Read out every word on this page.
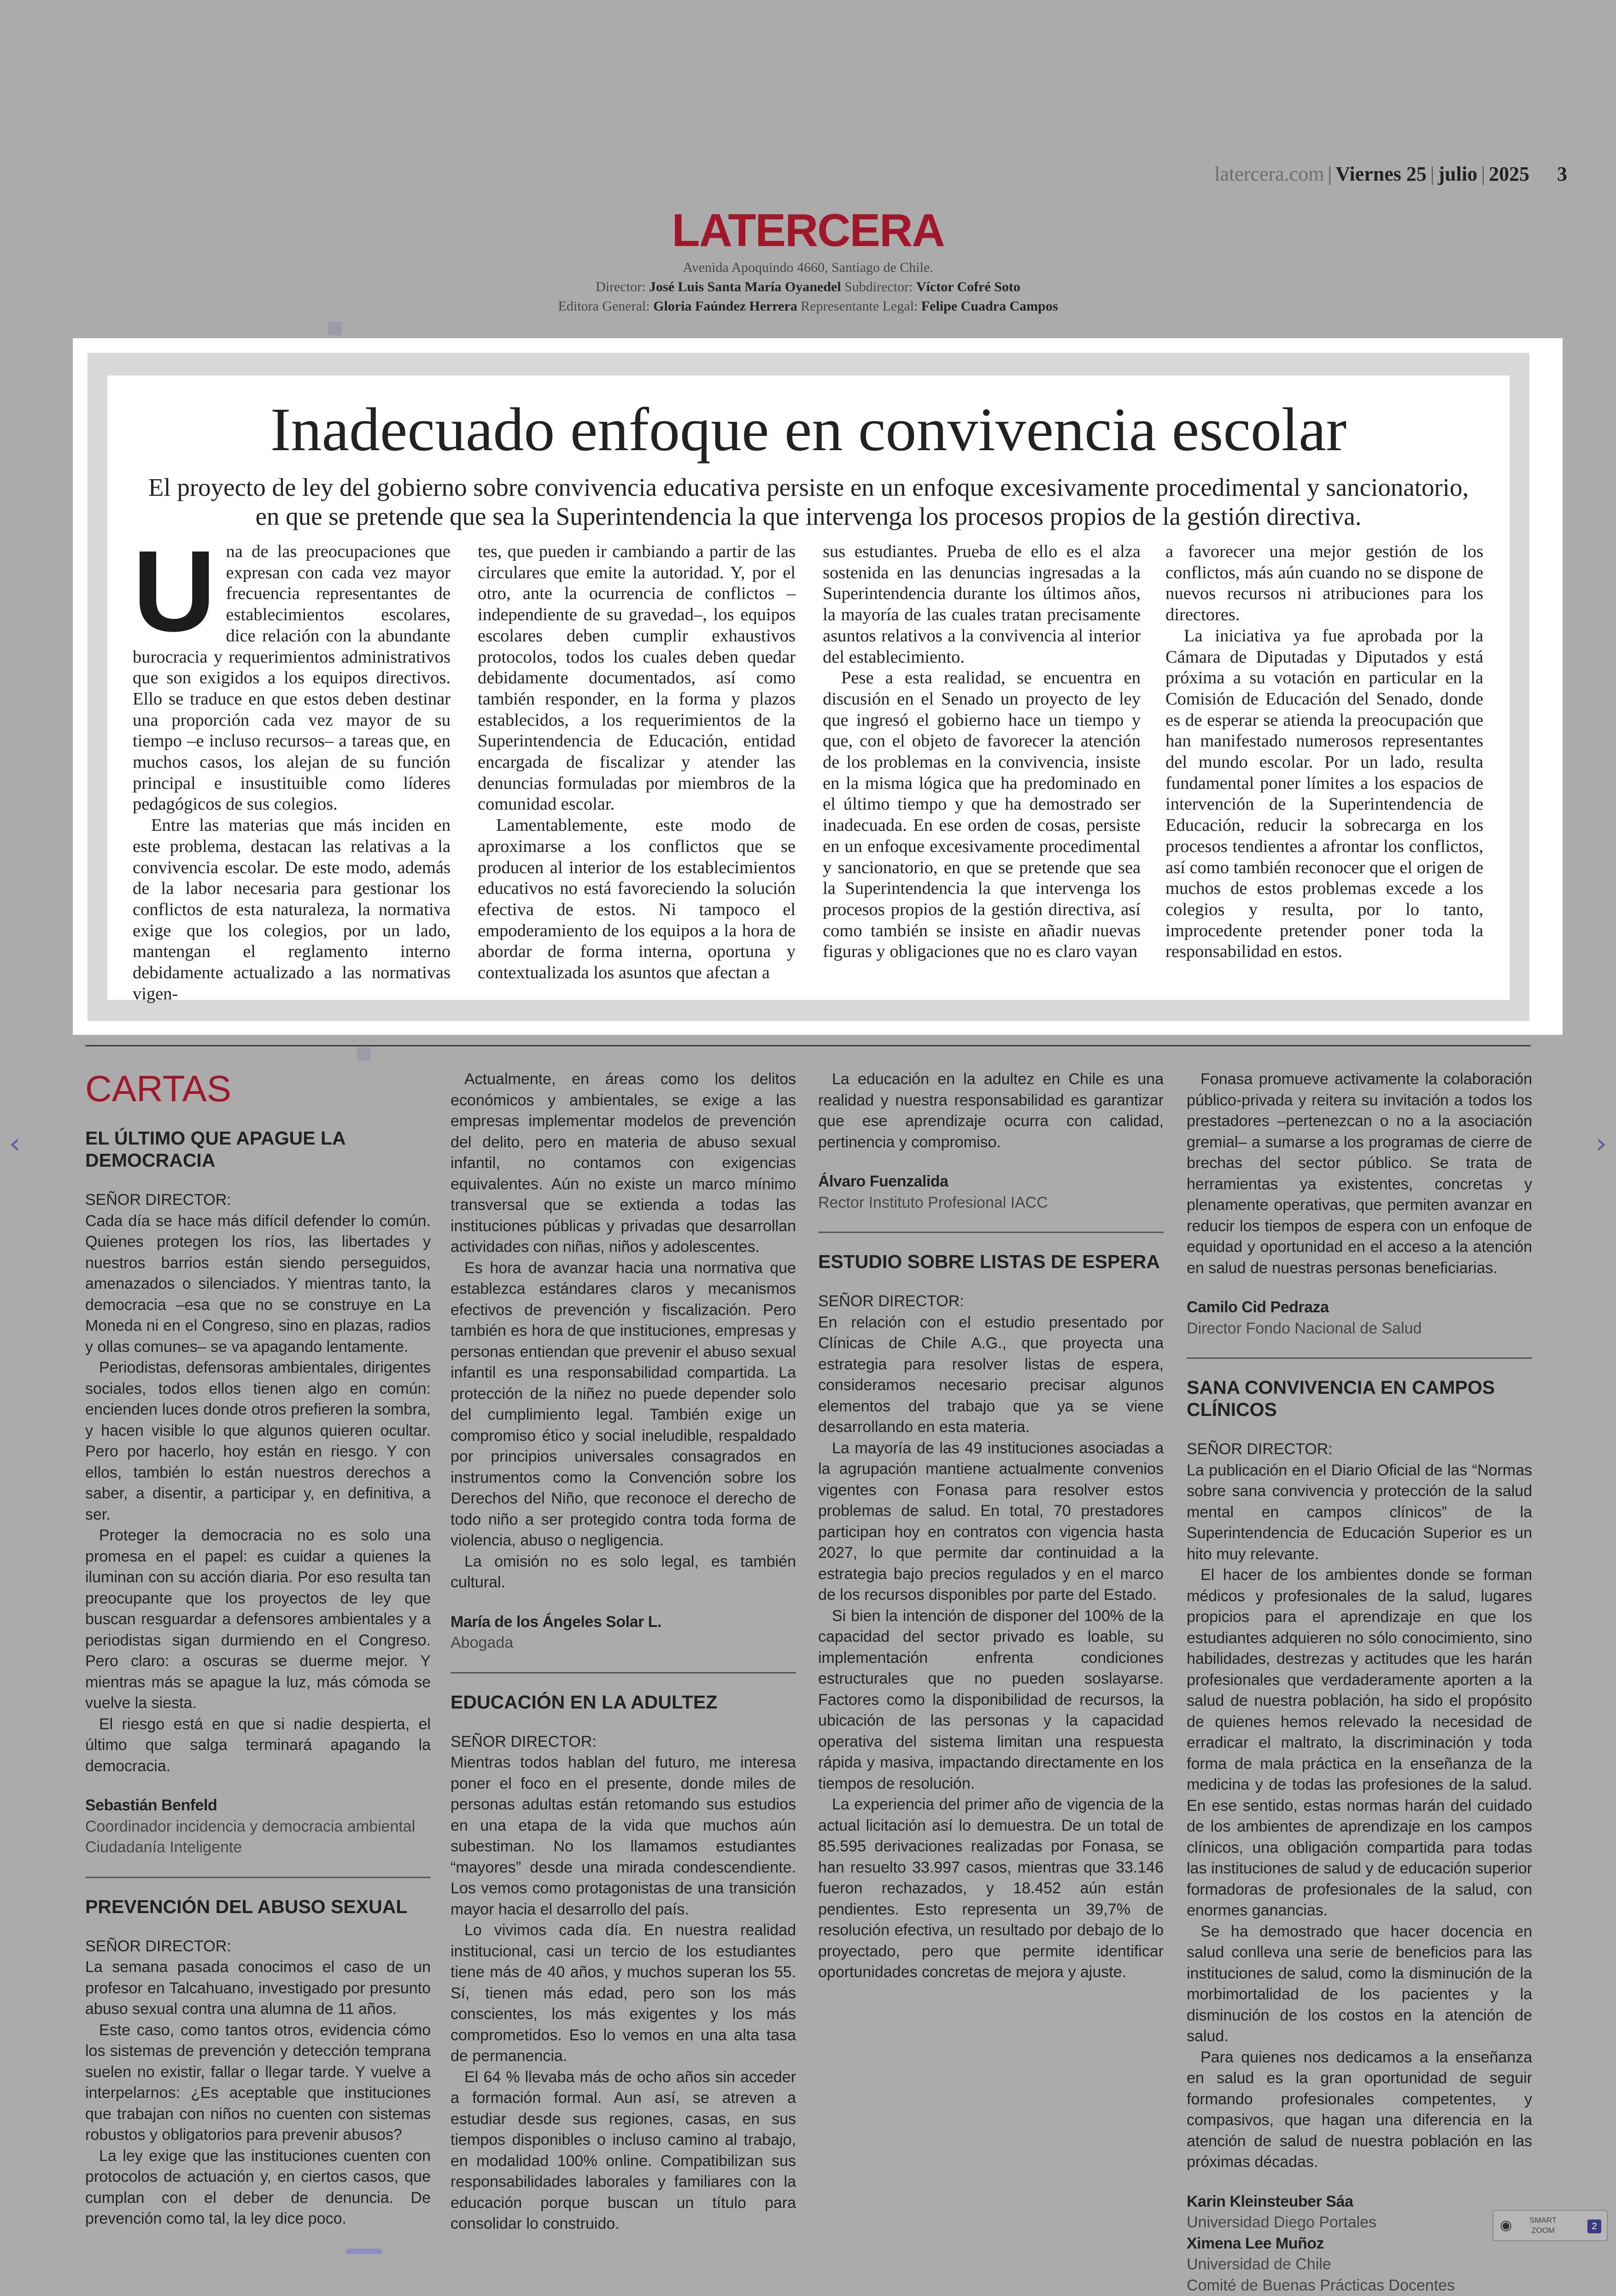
latercera.com | Viernes 25 | julio | 2025 3
LATERCERA
Avenida Apoquindo 4660, Santiago de Chile.
Director: José Luis Santa María Oyanedel Subdirector: Víctor Cofré Soto
Editora General: Gloria Faúndez Herrera Representante Legal: Felipe Cuadra Campos
Inadecuado enfoque en convivencia escolar
El proyecto de ley del gobierno sobre convivencia educativa persiste en un enfoque excesivamente procedimental y sancionatorio, en que se pretende que sea la Superintendencia la que intervenga los procesos propios de la gestión directiva.
U na de las preocupaciones que expresan con cada vez mayor frecuencia representantes de establecimientos escolares, dice relación con la abundante burocracia y requerimientos administrativos que son exigidos a los equipos directivos. Ello se traduce en que estos deben destinar una proporción cada vez mayor de su tiempo –e incluso recursos– a tareas que, en muchos casos, los alejan de su función principal e insustituible como líderes pedagógicos de sus colegios.

Entre las materias que más inciden en este problema, destacan las relativas a la convivencia escolar. De este modo, además de la labor necesaria para gestionar los conflictos de esta naturaleza, la normativa exige que los colegios, por un lado, mantengan el reglamento interno debidamente actualizado a las normativas vigen-

tes, que pueden ir cambiando a partir de las circulares que emite la autoridad. Y, por el otro, ante la ocurrencia de conflictos –independiente de su gravedad–, los equipos escolares deben cumplir exhaustivos protocolos, todos los cuales deben quedar debidamente documentados, así como también responder, en la forma y plazos establecidos, a los requerimientos de la Superintendencia de Educación, entidad encargada de fiscalizar y atender las denuncias formuladas por miembros de la comunidad escolar.

Lamentablemente, este modo de aproximarse a los conflictos que se producen al interior de los establecimientos educativos no está favoreciendo la solución efectiva de estos. Ni tampoco el empoderamiento de los equipos a la hora de abordar de forma interna, oportuna y contextualizada los asuntos que afectan a

sus estudiantes. Prueba de ello es el alza sostenida en las denuncias ingresadas a la Superintendencia durante los últimos años, la mayoría de las cuales tratan precisamente asuntos relativos a la convivencia al interior del establecimiento.

Pese a esta realidad, se encuentra en discusión en el Senado un proyecto de ley que ingresó el gobierno hace un tiempo y que, con el objeto de favorecer la atención de los problemas en la convivencia, insiste en la misma lógica que ha predominado en el último tiempo y que ha demostrado ser inadecuada. En ese orden de cosas, persiste en un enfoque excesivamente procedimental y sancionatorio, en que se pretende que sea la Superintendencia la que intervenga los procesos propios de la gestión directiva, así como también se insiste en añadir nuevas figuras y obligaciones que no es claro vayan

a favorecer una mejor gestión de los conflictos, más aún cuando no se dispone de nuevos recursos ni atribuciones para los directores.

La iniciativa ya fue aprobada por la Cámara de Diputadas y Diputados y está próxima a su votación en particular en la Comisión de Educación del Senado, donde es de esperar se atienda la preocupación que han manifestado numerosos representantes del mundo escolar. Por un lado, resulta fundamental poner límites a los espacios de intervención de la Superintendencia de Educación, reducir la sobrecarga en los procesos tendientes a afrontar los conflictos, así como también reconocer que el origen de muchos de estos problemas excede a los colegios y resulta, por lo tanto, improcedente pretender poner toda la responsabilidad en estos.

CARTAS
EL ÚLTIMO QUE APAGUE LA DEMOCRACIA

SEÑOR DIRECTOR:

Cada día se hace más difícil defender lo común. Quienes protegen los ríos, las libertades y nuestros barrios están siendo perseguidos, amenazados o silenciados. Y mientras tanto, la democracia –esa que no se construye en La Moneda ni en el Congreso, sino en plazas, radios y ollas comunes– se va apagando lentamente.

Periodistas, defensoras ambientales, dirigentes sociales, todos ellos tienen algo en común: encienden luces donde otros prefieren la sombra, y hacen visible lo que algunos quieren ocultar. Pero por hacerlo, hoy están en riesgo. Y con ellos, también lo están nuestros derechos a saber, a disentir, a participar y, en definitiva, a ser.

Proteger la democracia no es solo una promesa en el papel: es cuidar a quienes la iluminan con su acción diaria. Por eso resulta tan preocupante que los proyectos de ley que buscan resguardar a defensores ambientales y a periodistas sigan durmiendo en el Congreso. Pero claro: a oscuras se duerme mejor. Y mientras más se apague la luz, más cómoda se vuelve la siesta.

El riesgo está en que si nadie despierta, el último que salga terminará apagando la democracia.

Sebastián Benfeld
Coordinador incidencia y democracia ambiental
Ciudadanía Inteligente
PREVENCIÓN DEL ABUSO SEXUAL

SEÑOR DIRECTOR:

La semana pasada conocimos el caso de un profesor en Talcahuano, investigado por presunto abuso sexual contra una alumna de 11 años.

Este caso, como tantos otros, evidencia cómo los sistemas de prevención y detección temprana suelen no existir, fallar o llegar tarde. Y vuelve a interpelarnos: ¿Es aceptable que instituciones que trabajan con niños no cuenten con sistemas robustos y obligatorios para prevenir abusos?

La ley exige que las instituciones cuenten con protocolos de actuación y, en ciertos casos, que cumplan con el deber de denuncia. De prevención como tal, la ley dice poco.

Actualmente, en áreas como los delitos económicos y ambientales, se exige a las empresas implementar modelos de prevención del delito, pero en materia de abuso sexual infantil, no contamos con exigencias equivalentes. Aún no existe un marco mínimo transversal que se extienda a todas las instituciones públicas y privadas que desarrollan actividades con niñas, niños y adolescentes.

Es hora de avanzar hacia una normativa que establezca estándares claros y mecanismos efectivos de prevención y fiscalización. Pero también es hora de que instituciones, empresas y personas entiendan que prevenir el abuso sexual infantil es una responsabilidad compartida. La protección de la niñez no puede depender solo del cumplimiento legal. También exige un compromiso ético y social ineludible, respaldado por principios universales consagrados en instrumentos como la Convención sobre los Derechos del Niño, que reconoce el derecho de todo niño a ser protegido contra toda forma de violencia, abuso o negligencia.

La omisión no es solo legal, es también cultural.

María de los Ángeles Solar L.
Abogada
EDUCACIÓN EN LA ADULTEZ

SEÑOR DIRECTOR:

Mientras todos hablan del futuro, me interesa poner el foco en el presente, donde miles de personas adultas están retomando sus estudios en una etapa de la vida que muchos aún subestiman. No los llamamos estudiantes “mayores” desde una mirada condescendiente. Los vemos como protagonistas de una transición mayor hacia el desarrollo del país.

Lo vivimos cada día. En nuestra realidad institucional, casi un tercio de los estudiantes tiene más de 40 años, y muchos superan los 55. Sí, tienen más edad, pero son los más conscientes, los más exigentes y los más comprometidos. Eso lo vemos en una alta tasa de permanencia.

El 64 % llevaba más de ocho años sin acceder a formación formal. Aun así, se atreven a estudiar desde sus regiones, casas, en sus tiempos disponibles o incluso camino al trabajo, en modalidad 100% online. Compatibilizan sus responsabilidades laborales y familiares con la educación porque buscan un título para consolidar lo construido.

La educación en la adultez en Chile es una realidad y nuestra responsabilidad es garantizar que ese aprendizaje ocurra con calidad, pertinencia y compromiso.

Álvaro Fuenzalida
Rector Instituto Profesional IACC
ESTUDIO SOBRE LISTAS DE ESPERA

SEÑOR DIRECTOR:

En relación con el estudio presentado por Clínicas de Chile A.G., que proyecta una estrategia para resolver listas de espera, consideramos necesario precisar algunos elementos del trabajo que ya se viene desarrollando en esta materia.

La mayoría de las 49 instituciones asociadas a la agrupación mantiene actualmente convenios vigentes con Fonasa para resolver estos problemas de salud. En total, 70 prestadores participan hoy en contratos con vigencia hasta 2027, lo que permite dar continuidad a la estrategia bajo precios regulados y en el marco de los recursos disponibles por parte del Estado.

Si bien la intención de disponer del 100% de la capacidad del sector privado es loable, su implementación enfrenta condiciones estructurales que no pueden soslayarse. Factores como la disponibilidad de recursos, la ubicación de las personas y la capacidad operativa del sistema limitan una respuesta rápida y masiva, impactando directamente en los tiempos de resolución.

La experiencia del primer año de vigencia de la actual licitación así lo demuestra. De un total de 85.595 derivaciones realizadas por Fonasa, se han resuelto 33.997 casos, mientras que 33.146 fueron rechazados, y 18.452 aún están pendientes. Esto representa un 39,7% de resolución efectiva, un resultado por debajo de lo proyectado, pero que permite identificar oportunidades concretas de mejora y ajuste.

Fonasa promueve activamente la colaboración público-privada y reitera su invitación a todos los prestadores –pertenezcan o no a la asociación gremial– a sumarse a los programas de cierre de brechas del sector público. Se trata de herramientas ya existentes, concretas y plenamente operativas, que permiten avanzar en reducir los tiempos de espera con un enfoque de equidad y oportunidad en el acceso a la atención en salud de nuestras personas beneficiarias.

Camilo Cid Pedraza
Director Fondo Nacional de Salud
SANA CONVIVENCIA EN CAMPOS CLÍNICOS

SEÑOR DIRECTOR:

La publicación en el Diario Oficial de las “Normas sobre sana convivencia y protección de la salud mental en campos clínicos” de la Superintendencia de Educación Superior es un hito muy relevante.

El hacer de los ambientes donde se forman médicos y profesionales de la salud, lugares propicios para el aprendizaje en que los estudiantes adquieren no sólo conocimiento, sino habilidades, destrezas y actitudes que les harán profesionales que verdaderamente aporten a la salud de nuestra población, ha sido el propósito de quienes hemos relevado la necesidad de erradicar el maltrato, la discriminación y toda forma de mala práctica en la enseñanza de la medicina y de todas las profesiones de la salud. En ese sentido, estas normas harán del cuidado de los ambientes de aprendizaje en los campos clínicos, una obligación compartida para todas las instituciones de salud y de educación superior formadoras de profesionales de la salud, con enormes ganancias.

Se ha demostrado que hacer docencia en salud conlleva una serie de beneficios para las instituciones de salud, como la disminución de la morbimortalidad de los pacientes y la disminución de los costos en la atención de salud.

Para quienes nos dedicamos a la enseñanza en salud es la gran oportunidad de seguir formando profesionales competentes, y compasivos, que hagan una diferencia en la atención de salud de nuestra población en las próximas décadas.

Karin Kleinsteuber Sáa
Universidad Diego Portales
Ximena Lee Muñoz
Universidad de Chile
Comité de Buenas Prácticas Docentes
‹	›
◉ SMART
ZOOM	2
